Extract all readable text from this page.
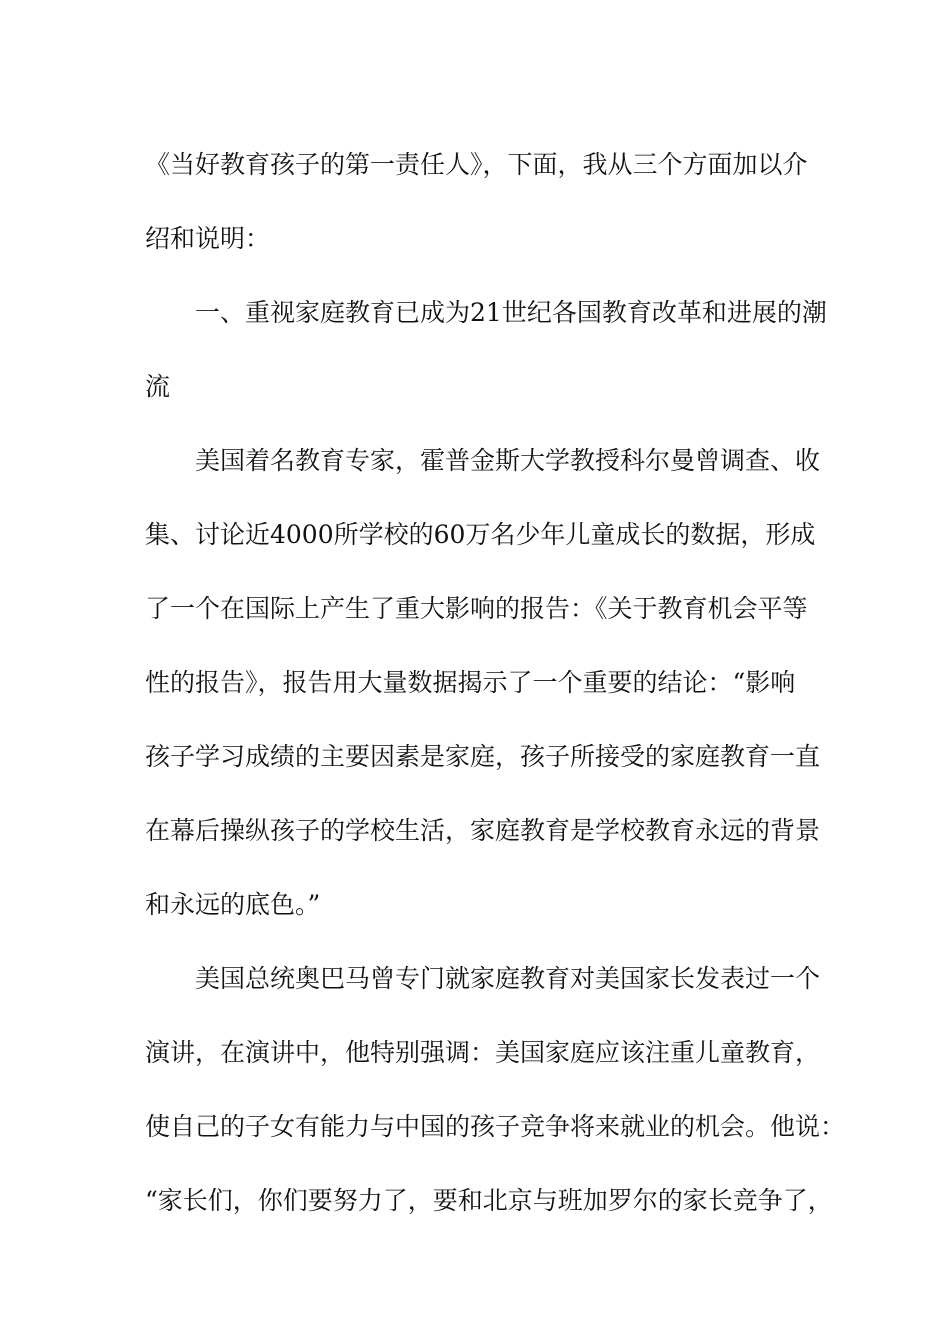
《当好教育孩子的第一责任人》，下面，我从三个方面加以介
绍和说明：
一、重视家庭教育已成为21世纪各国教育改革和进展的潮
流
美国着名教育专家，霍普金斯大学教授科尔曼曾调查、收
集、讨论近4000所学校的60万名少年儿童成长的数据，形成
了一个在国际上产生了重大影响的报告：《关于教育机会平等
性的报告》，报告用大量数据揭示了一个重要的结论：“影响
孩子学习成绩的主要因素是家庭，孩子所接受的家庭教育一直
在幕后操纵孩子的学校生活，家庭教育是学校教育永远的背景
和永远的底色。”
美国总统奥巴马曾专门就家庭教育对美国家长发表过一个
演讲，在演讲中，他特别强调：美国家庭应该注重儿童教育，
使自己的子女有能力与中国的孩子竞争将来就业的机会。他说：
“家长们，你们要努力了，要和北京与班加罗尔的家长竞争了，
